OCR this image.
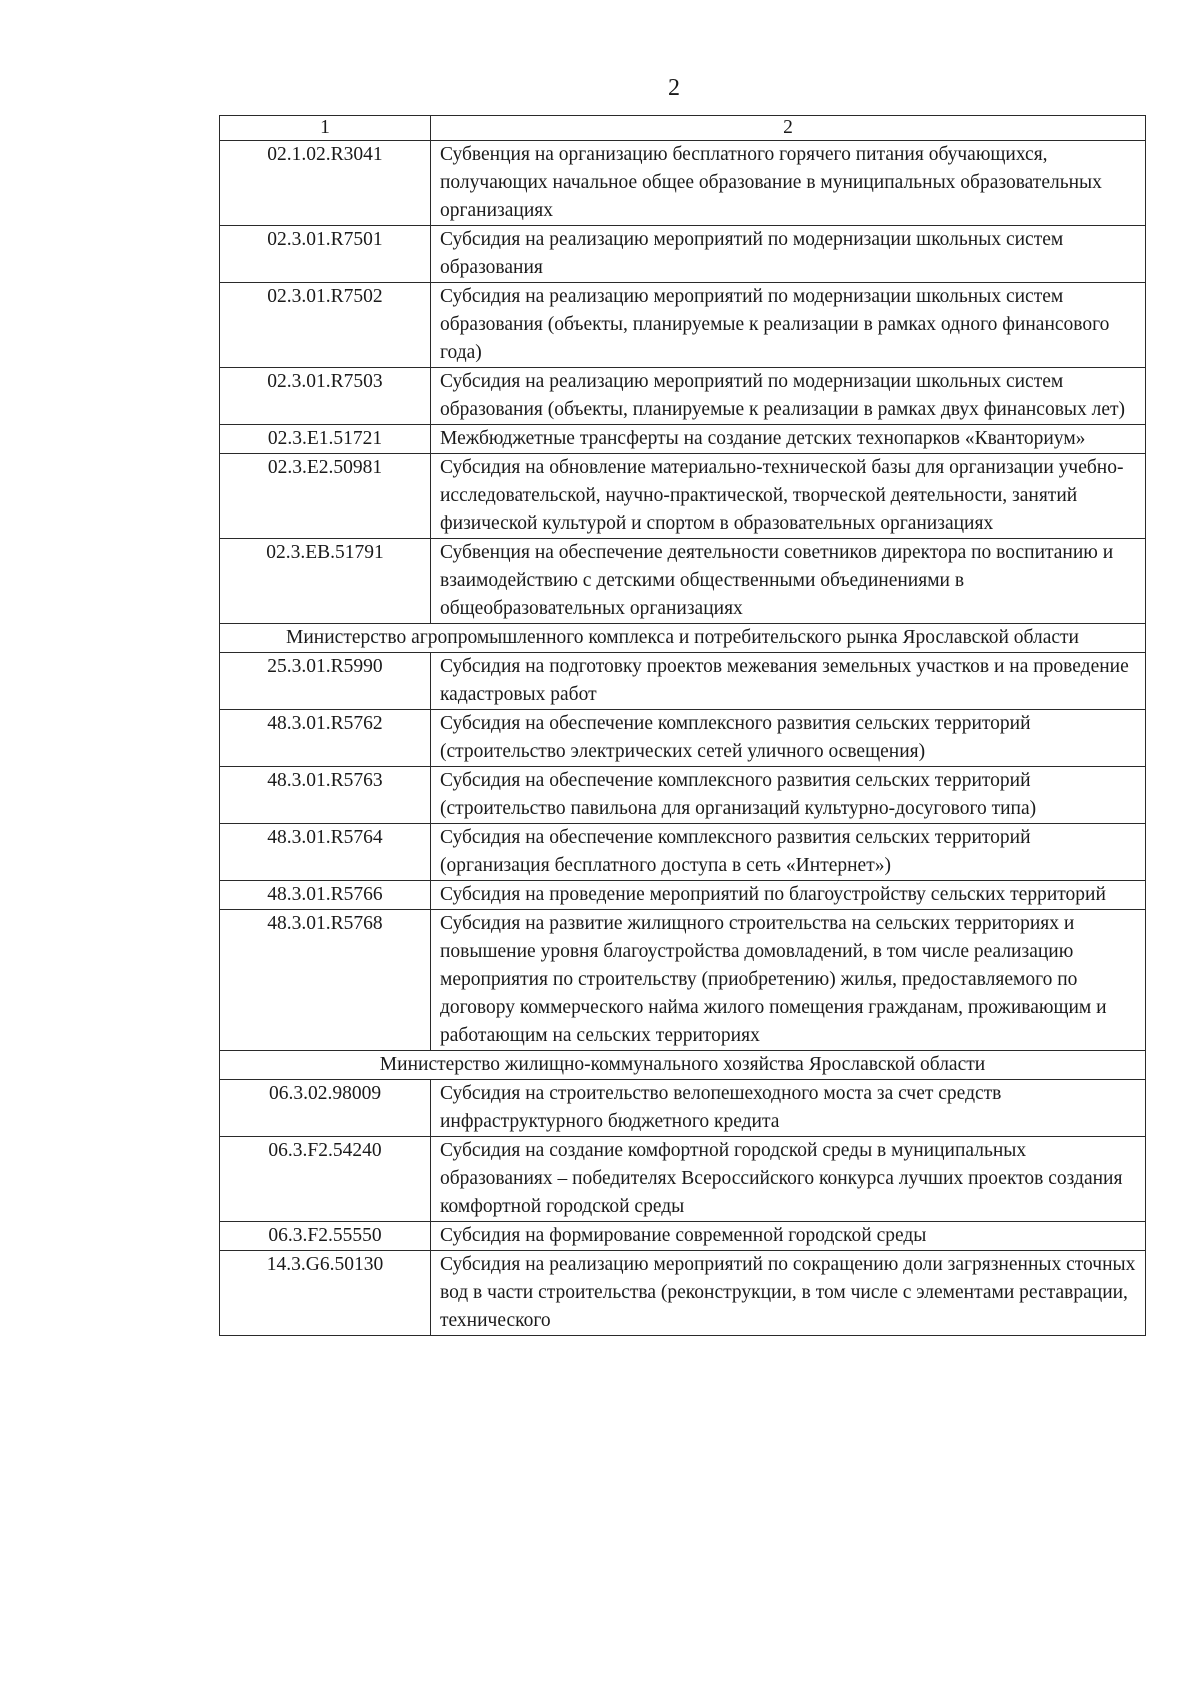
2
1	2
02.1.02.R3041	Субвенция на организацию бесплатного горячего питания обучающихся, получающих начальное общее образование в муниципальных образовательных организациях
02.3.01.R7501	Субсидия на реализацию мероприятий по модернизации школьных систем образования
02.3.01.R7502	Субсидия на реализацию мероприятий по модернизации школьных систем образования (объекты, планируемые к реализации в рамках одного финансового года)
02.3.01.R7503	Субсидия на реализацию мероприятий по модернизации школьных систем образования (объекты, планируемые к реализации в рамках двух финансовых лет)
02.3.E1.51721	Межбюджетные трансферты на создание детских технопарков «Кванториум»
02.3.E2.50981	Субсидия на обновление материально-технической базы для организации учебно-исследовательской, научно-практической, творческой деятельности, занятий физической культурой и спортом в образовательных организациях
02.3.EB.51791	Субвенция на обеспечение деятельности советников директора по воспитанию и взаимодействию с детскими общественными объединениями в общеобразовательных организациях
Министерство агропромышленного комплекса и потребительского рынка Ярославской области	
25.3.01.R5990	Субсидия на подготовку проектов межевания земельных участков и на проведение кадастровых работ
48.3.01.R5762	Субсидия на обеспечение комплексного развития сельских территорий (строительство электрических сетей уличного освещения)
48.3.01.R5763	Субсидия на обеспечение комплексного развития сельских территорий (строительство павильона для организаций культурно-досугового типа)
48.3.01.R5764	Субсидия на обеспечение комплексного развития сельских территорий (организация бесплатного доступа в сеть «Интернет»)
48.3.01.R5766	Субсидия на проведение мероприятий по благоустройству сельских территорий
48.3.01.R5768	Субсидия на развитие жилищного строительства на сельских территориях и повышение уровня благоустройства домовладений, в том числе реализацию мероприятия по строительству (приобретению) жилья, предоставляемого по договору коммерческого найма жилого помещения гражданам, проживающим и работающим на сельских территориях
Министерство жилищно-коммунального хозяйства Ярославской области	
06.3.02.98009	Субсидия на строительство велопешеходного моста за счет средств инфраструктурного бюджетного кредита
06.3.F2.54240	Субсидия на создание комфортной городской среды в муниципальных образованиях – победителях Всероссийского конкурса лучших проектов создания комфортной городской среды
06.3.F2.55550	Субсидия на формирование современной городской среды
14.3.G6.50130	Субсидия на реализацию мероприятий по сокращению доли загрязненных сточных вод в части строительства (реконструкции, в том числе с элементами реставрации, технического
